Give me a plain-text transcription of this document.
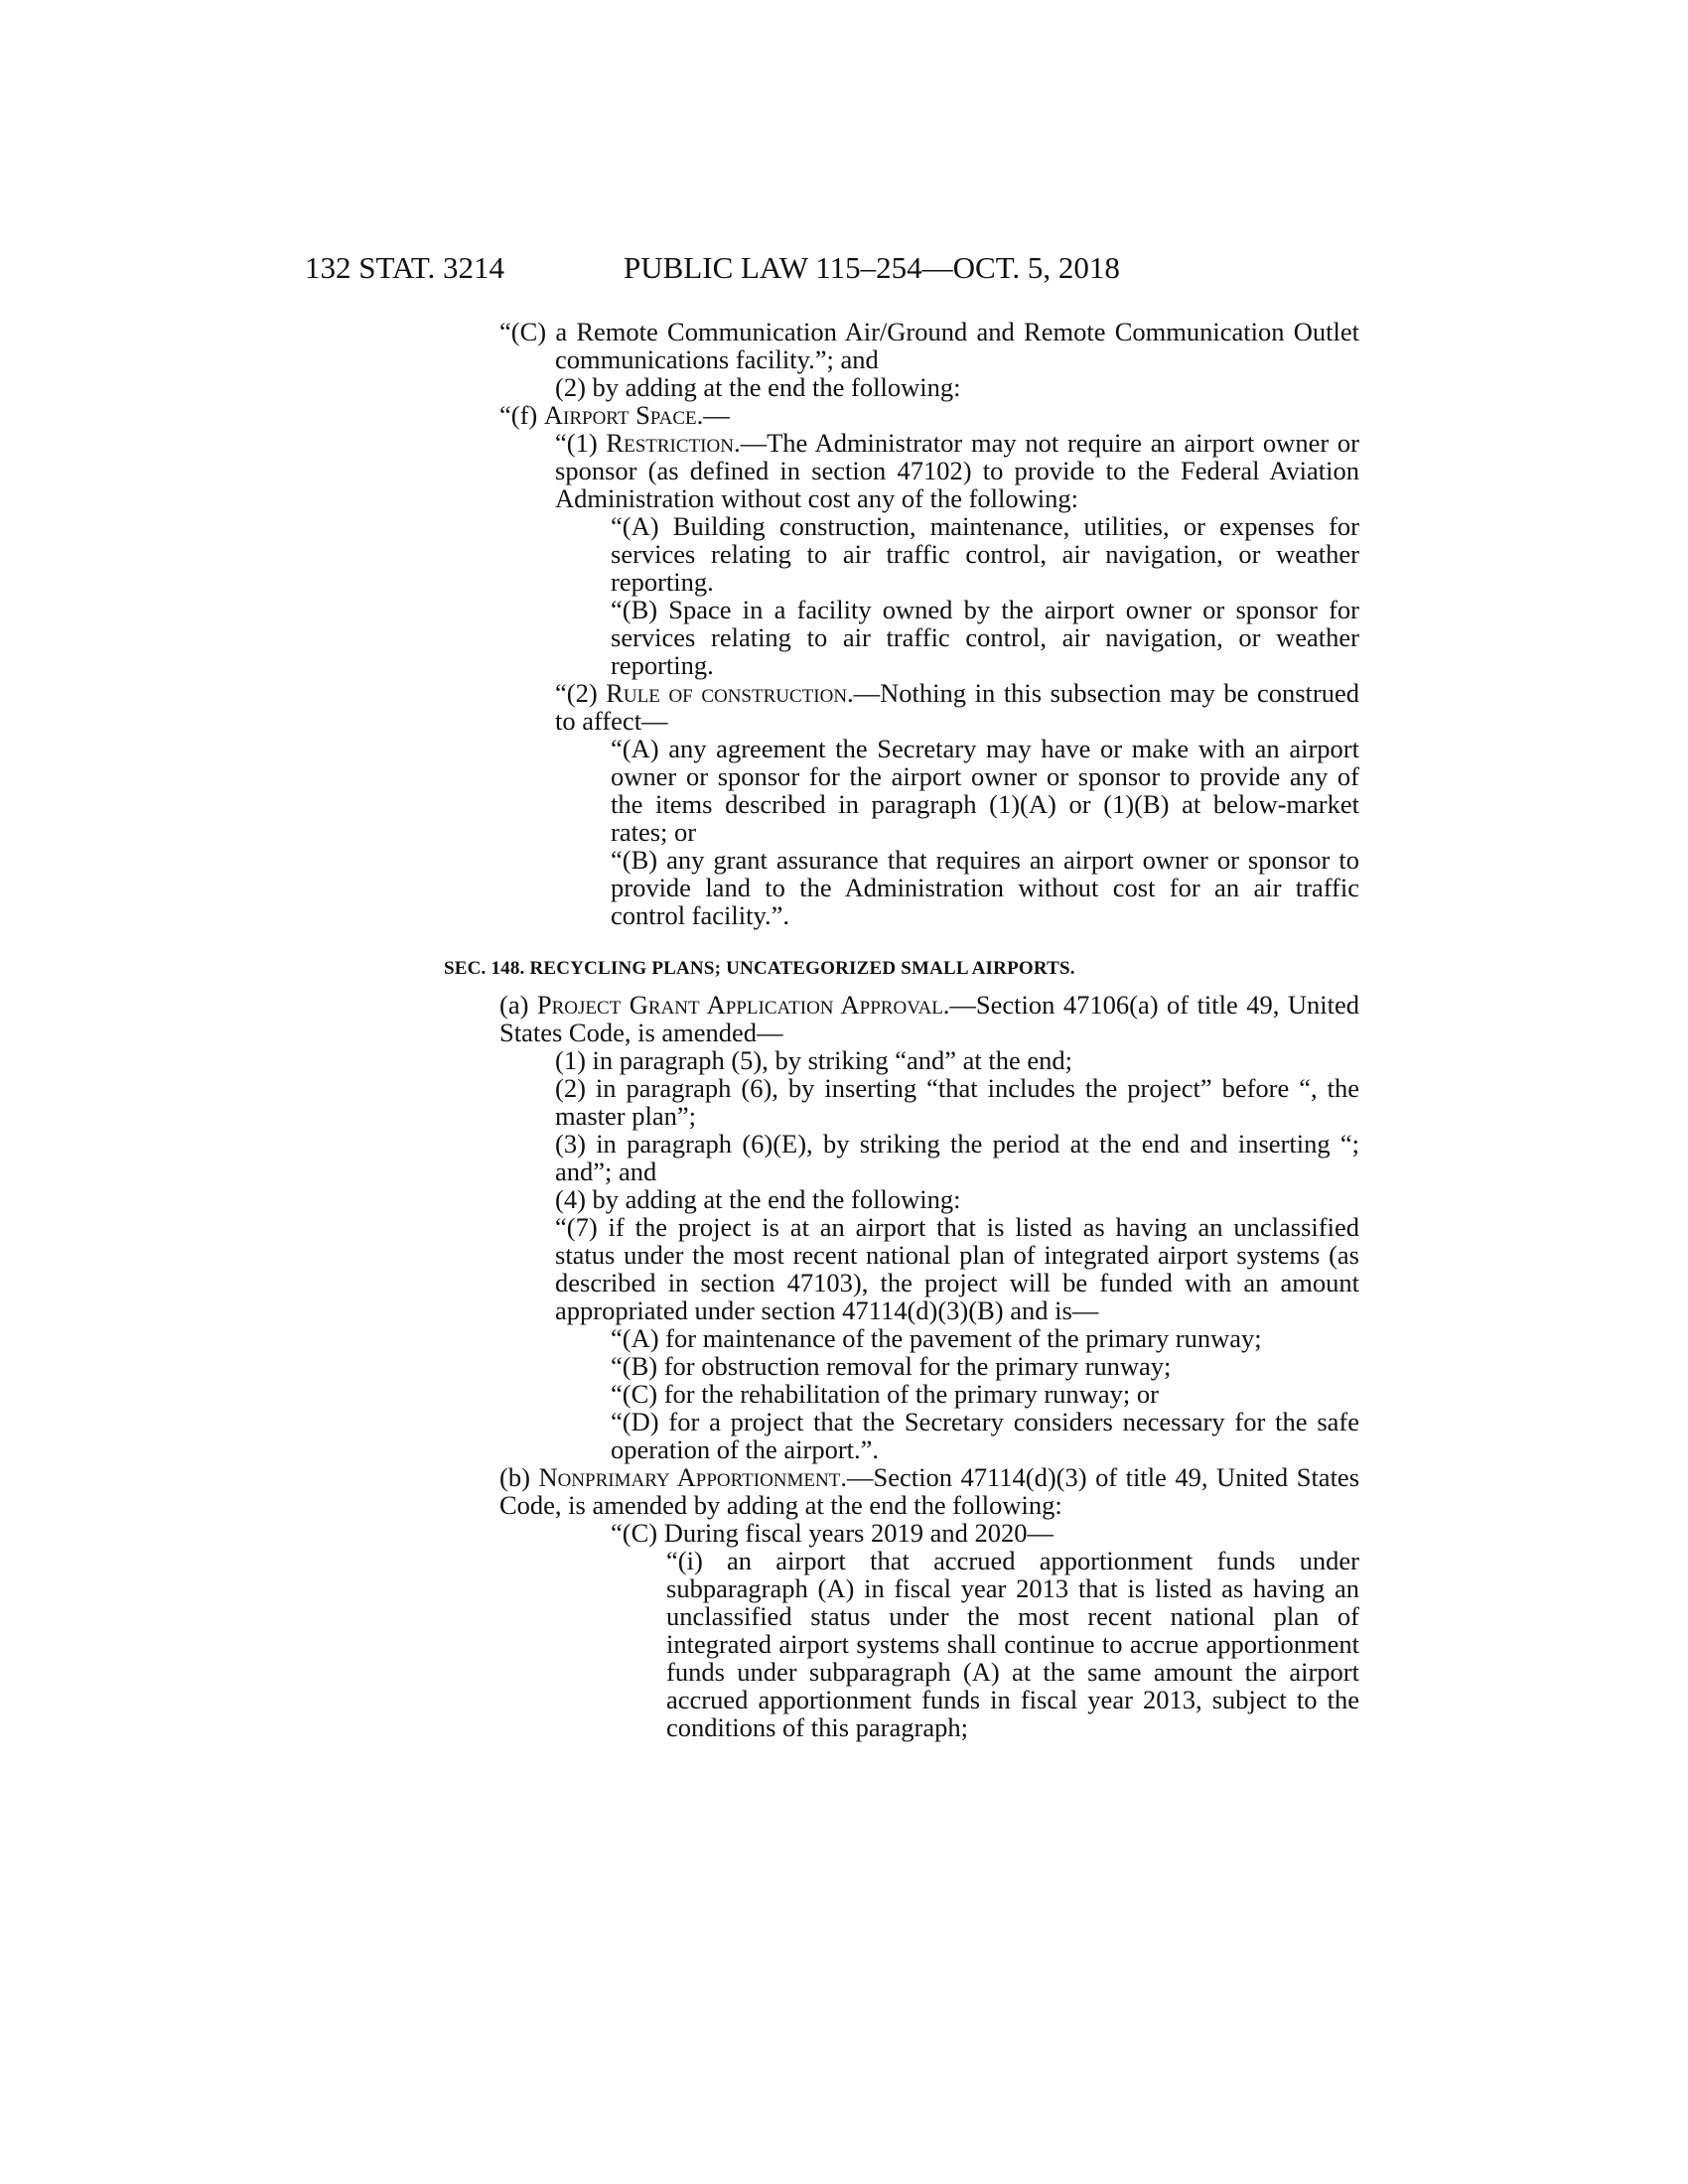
132 STAT. 3214	PUBLIC LAW 115–254—OCT. 5, 2018

“(C) a Remote Communication Air/Ground and Remote Communication Outlet communications facility.”; and

(2) by adding at the end the following:

“(f) Airport Space.—

“(1) Restriction.—The Administrator may not require an airport owner or sponsor (as defined in section 47102) to provide to the Federal Aviation Administration without cost any of the following:

“(A) Building construction, maintenance, utilities, or expenses for services relating to air traffic control, air navigation, or weather reporting.

“(B) Space in a facility owned by the airport owner or sponsor for services relating to air traffic control, air navigation, or weather reporting.

“(2) Rule of construction.—Nothing in this subsection may be construed to affect—

“(A) any agreement the Secretary may have or make with an airport owner or sponsor for the airport owner or sponsor to provide any of the items described in paragraph (1)(A) or (1)(B) at below-market rates; or

“(B) any grant assurance that requires an airport owner or sponsor to provide land to the Administration without cost for an air traffic control facility.”.

SEC. 148. RECYCLING PLANS; UNCATEGORIZED SMALL AIRPORTS.

(a) Project Grant Application Approval.—Section 47106(a) of title 49, United States Code, is amended—

(1) in paragraph (5), by striking “and” at the end;

(2) in paragraph (6), by inserting “that includes the project” before “, the master plan”;

(3) in paragraph (6)(E), by striking the period at the end and inserting “; and”; and

(4) by adding at the end the following:

“(7) if the project is at an airport that is listed as having an unclassified status under the most recent national plan of integrated airport systems (as described in section 47103), the project will be funded with an amount appropriated under section 47114(d)(3)(B) and is—

“(A) for maintenance of the pavement of the primary runway;

“(B) for obstruction removal for the primary runway;

“(C) for the rehabilitation of the primary runway; or

“(D) for a project that the Secretary considers necessary for the safe operation of the airport.”.

(b) Nonprimary Apportionment.—Section 47114(d)(3) of title 49, United States Code, is amended by adding at the end the following:

“(C) During fiscal years 2019 and 2020—

“(i) an airport that accrued apportionment funds under subparagraph (A) in fiscal year 2013 that is listed as having an unclassified status under the most recent national plan of integrated airport systems shall continue to accrue apportionment funds under subparagraph (A) at the same amount the airport accrued apportionment funds in fiscal year 2013, subject to the conditions of this paragraph;
